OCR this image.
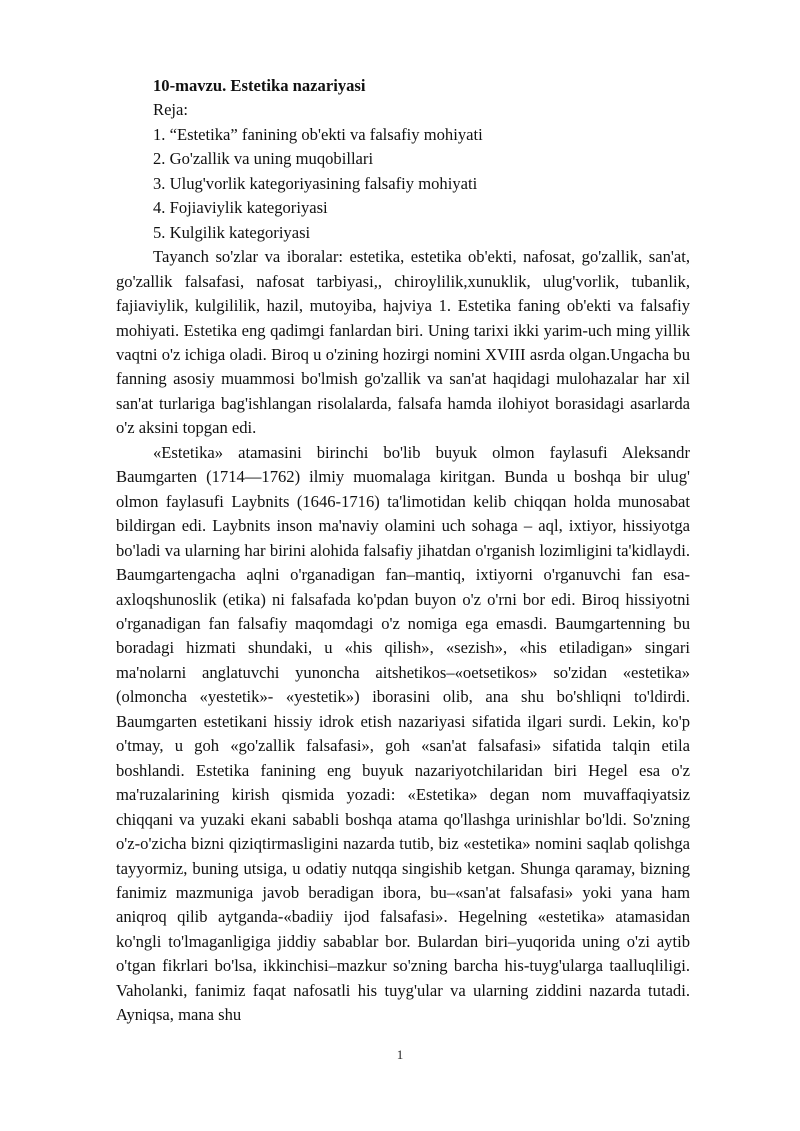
10-mavzu. Estetika nazariyasi
Reja:
1. “Estetika” fanining ob'ekti va falsafiy mohiyati
2. Go'zallik va uning muqobillari
3. Ulug'vorlik kategoriyasining falsafiy mohiyati
4. Fojiaviylik kategoriyasi
5. Kulgilik kategoriyasi

Tayanch so'zlar va iboralar: estetika, estetika ob'ekti, nafosat, go'zallik, san'at, go'zallik falsafasi, nafosat tarbiyasi,, chiroylilik,xunuklik, ulug'vorlik, tubanlik, fajiaviylik, kulgililik, hazil, mutoyiba, hajviya 1. Estetika faning ob'ekti va falsafiy mohiyati. Estetika eng qadimgi fanlardan biri. Uning tarixi ikki yarim-uch ming yillik vaqtni o'z ichiga oladi. Biroq u o'zining hozirgi nomini XVIII asrda olgan.Ungacha bu fanning asosiy muammosi bo'lmish go'zallik va san'at haqidagi mulohazalar har xil san'at turlariga bag'ishlangan risolalarda, falsafa hamda ilohiyot borasidagi asarlarda o'z aksini topgan edi.

«Estetika» atamasini birinchi bo'lib buyuk olmon faylasufi Aleksandr Baumgarten (1714—1762) ilmiy muomalaga kiritgan. Bunda u boshqa bir ulug' olmon faylasufi Laybnits (1646-1716) ta'limotidan kelib chiqqan holda munosabat bildirgan edi. Laybnits inson ma'naviy olamini uch sohaga – aql, ixtiyor, hissiyotga bo'ladi va ularning har birini alohida falsafiy jihatdan o'rganish lozimligini ta'kidlaydi. Baumgartengacha aqlni o'rganadigan fan–mantiq, ixtiyorni o'rganuvchi fan esa-axloqshunoslik (etika) ni falsafada ko'pdan buyon o'z o'rni bor edi. Biroq hissiyotni o'rganadigan fan falsafiy maqomdagi o'z nomiga ega emasdi. Baumgartenning bu boradagi hizmati shundaki, u «his qilish», «sezish», «his etiladigan» singari ma'nolarni anglatuvchi yunoncha aitshetikos–«oetsetikos» so'zidan «estetika» (olmoncha «yestetik»- «yestetik») iborasini olib, ana shu bo'shliqni to'ldirdi. Baumgarten estetikani hissiy idrok etish nazariyasi sifatida ilgari surdi. Lekin, ko'p o'tmay, u goh «go'zallik falsafasi», goh «san'at falsafasi» sifatida talqin etila boshlandi. Estetika fanining eng buyuk nazariyotchilaridan biri Hegel esa o'z ma'ruzalarining kirish qismida yozadi: «Estetika» degan nom muvaffaqiyatsiz chiqqani va yuzaki ekani sababli boshqa atama qo'llashga urinishlar bo'ldi. So'zning o'z-o'zicha bizni qiziqtirmasligini nazarda tutib, biz «estetika» nomini saqlab qolishga tayyormiz, buning utsiga, u odatiy nutqqa singishib ketgan. Shunga qaramay, bizning fanimiz mazmuniga javob beradigan ibora, bu–«san'at falsafasi» yoki yana ham aniqroq qilib aytganda-«badiiy ijod falsafasi». Hegelning «estetika» atamasidan ko'ngli to'lmaganligiga jiddiy sabablar bor. Bulardan biri–yuqorida uning o'zi aytib o'tgan fikrlari bo'lsa, ikkinchisi–mazkur so'zning barcha his-tuyg'ularga taalluqliligi. Vaholanki, fanimiz faqat nafosatli his tuyg'ular va ularning ziddini nazarda tutadi. Ayniqsa, mana shu

1
